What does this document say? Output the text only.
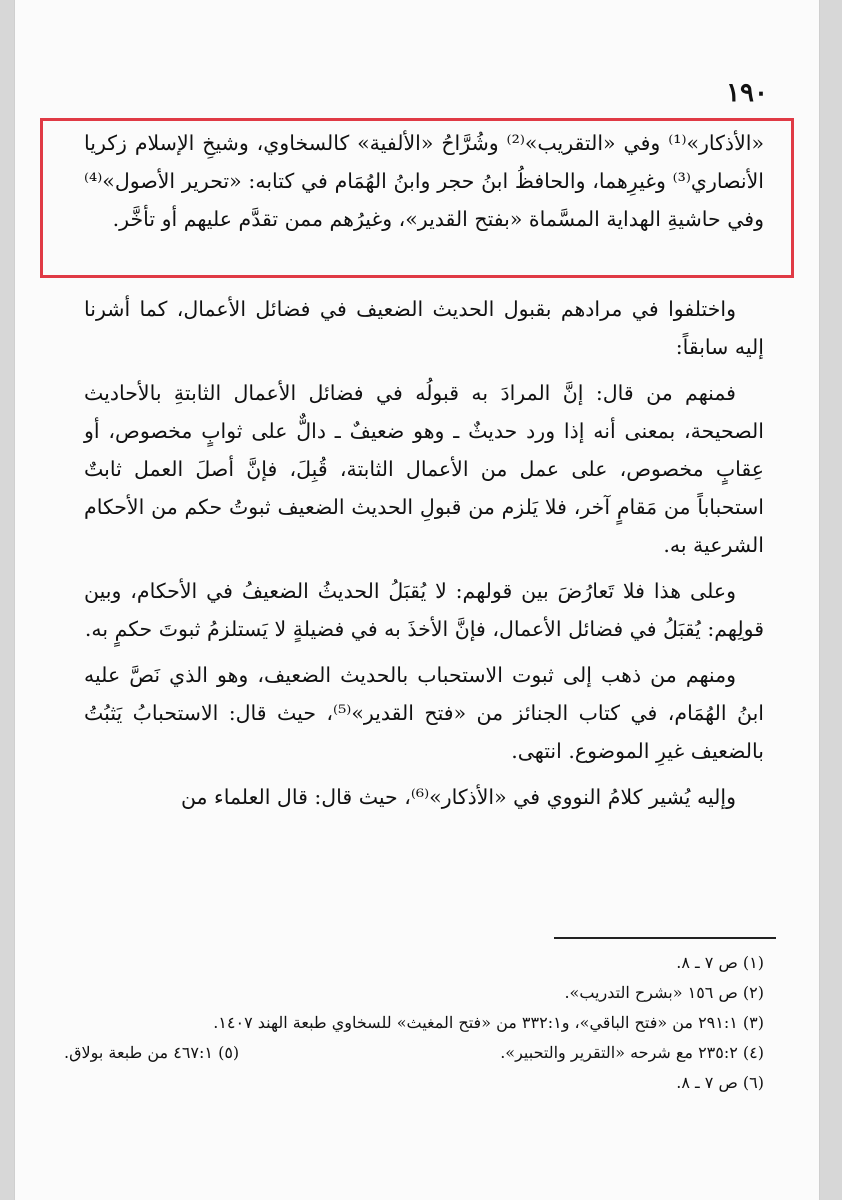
١٩٠

«الأذكار»⁽¹⁾ وفي «التقريب»⁽²⁾ وشُرَّاحُ «الألفية» كالسخاوي، وشيخِ الإسلام زكريا الأنصاري⁽³⁾ وغيرِهما، والحافظُ ابنُ حجر وابنُ الهُمَام في كتابه: «تحرير الأصول»⁽⁴⁾ وفي حاشيةِ الهداية المسَّماة «بفتح القدير»، وغيرُهم ممن تقدَّم عليهم أو تأخَّر.

واختلفوا في مرادهم بقبول الحديث الضعيف في فضائل الأعمال، كما أشرنا إليه سابقاً:

فمنهم من قال: إنَّ المرادَ به قبولُه في فضائل الأعمال الثابتةِ بالأحاديث الصحيحة، بمعنى أنه إذا ورد حديثٌ ـ وهو ضعيفٌ ـ دالٌّ على ثوابٍ مخصوص، أو عِقابٍ مخصوص، على عمل من الأعمال الثابتة، قُبِلَ، فإنَّ أصلَ العمل ثابتٌ استحباباً من مَقامٍ آخر، فلا يَلزم من قبولِ الحديث الضعيف ثبوتُ حكم من الأحكام الشرعية به.

وعلى هذا فلا تَعارُضَ بين قولهم: لا يُقبَلُ الحديثُ الضعيفُ في الأحكام، وبين قولِهم: يُقبَلُ في فضائل الأعمال، فإنَّ الأخذَ به في فضيلةٍ لا يَستلزمُ ثبوتَ حكمٍ به.

ومنهم من ذهب إلى ثبوت الاستحباب بالحديث الضعيف، وهو الذي نَصَّ عليه ابنُ الهُمَام، في كتاب الجنائز من «فتح القدير»⁽⁵⁾، حيث قال: الاستحبابُ يَثبُتُ بالضعيف غيرِ الموضوع. انتهى.

وإليه يُشير كلامُ النووي في «الأذكار»⁽⁶⁾، حيث قال: قال العلماء من

(١) ص ٧ ـ ٨.
(٢) ص ١٥٦ «بشرح التدريب».
(٣) ٢٩١:١ من «فتح الباقي»، و٣٣٢:١ من «فتح المغيث» للسخاوي طبعة الهند ١٤٠٧.
(٤) ٢٣٥:٢ مع شرحه «التقرير والتحبير».
(٥) ٤٦٧:١ من طبعة بولاق.
(٦) ص ٧ ـ ٨.
